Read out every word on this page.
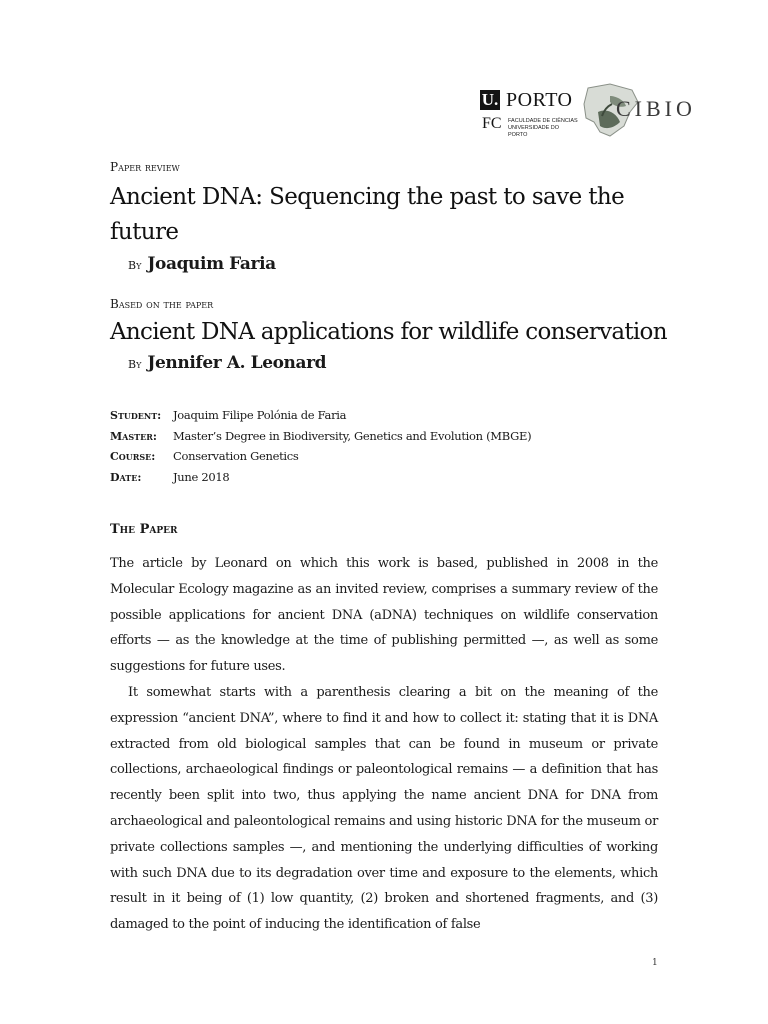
U. PORTO
FC FACULDADE DE CIÊNCIAS
UNIVERSIDADE DO PORTO
CIBIO
Paper review
Ancient DNA: Sequencing the past to save the future
By Joaquim Faria
Based on the paper
Ancient DNA applications for wildlife conservation
By Jennifer A. Leonard
Student:	Joaquim Filipe Polónia de Faria
Master:	Master’s Degree in Biodiversity, Genetics and Evolution (MBGE)
Course:	Conservation Genetics
Date:	June 2018
The Paper

The article by Leonard on which this work is based, published in 2008 in the Molecular Ecology magazine as an invited review, comprises a summary review of the possible applications for ancient DNA (aDNA) techniques on wildlife conservation efforts — as the knowledge at the time of publishing permitted —, as well as some suggestions for future uses.

It somewhat starts with a parenthesis clearing a bit on the meaning of the expression “ancient DNA”, where to find it and how to collect it: stating that it is DNA extracted from old biological samples that can be found in museum or private collections, archaeological findings or paleontological remains — a definition that has recently been split into two, thus applying the name ancient DNA for DNA from archaeological and paleontological remains and using historic DNA for the museum or private collections samples —, and mentioning the underlying difficulties of working with such DNA due to its degradation over time and exposure to the elements, which result in it being of (1) low quantity, (2) broken and shortened fragments, and (3) damaged to the point of inducing the identification of false

1
